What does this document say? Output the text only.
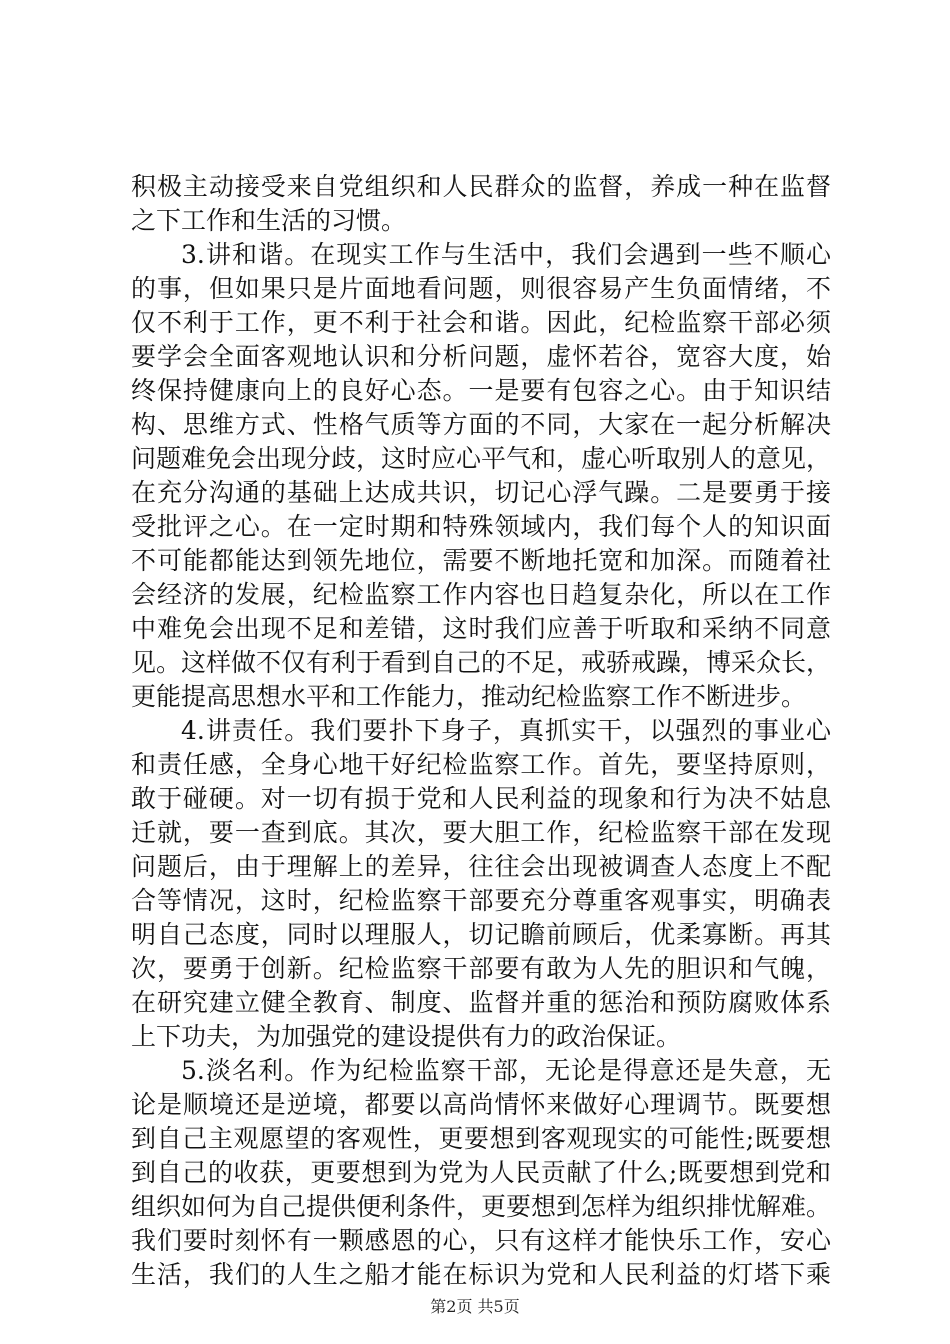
积极主动接受来自党组织和人民群众的监督，养成一种在监督
之下工作和生活的习惯。
3.讲和谐。在现实工作与生活中，我们会遇到一些不顺心
的事，但如果只是片面地看问题，则很容易产生负面情绪，不
仅不利于工作，更不利于社会和谐。因此，纪检监察干部必须
要学会全面客观地认识和分析问题，虚怀若谷，宽容大度，始
终保持健康向上的良好心态。一是要有包容之心。由于知识结
构、思维方式、性格气质等方面的不同，大家在一起分析解决
问题难免会出现分歧，这时应心平气和，虚心听取别人的意见，
在充分沟通的基础上达成共识，切记心浮气躁。二是要勇于接
受批评之心。在一定时期和特殊领域内，我们每个人的知识面
不可能都能达到领先地位，需要不断地托宽和加深。而随着社
会经济的发展，纪检监察工作内容也日趋复杂化，所以在工作
中难免会出现不足和差错，这时我们应善于听取和采纳不同意
见。这样做不仅有利于看到自己的不足，戒骄戒躁，博采众长，
更能提高思想水平和工作能力，推动纪检监察工作不断进步。
4.讲责任。我们要扑下身子，真抓实干，以强烈的事业心
和责任感，全身心地干好纪检监察工作。首先，要坚持原则，
敢于碰硬。对一切有损于党和人民利益的现象和行为决不姑息
迁就，要一查到底。其次，要大胆工作，纪检监察干部在发现
问题后，由于理解上的差异，往往会出现被调查人态度上不配
合等情况，这时，纪检监察干部要充分尊重客观事实，明确表
明自己态度，同时以理服人，切记瞻前顾后，优柔寡断。再其
次，要勇于创新。纪检监察干部要有敢为人先的胆识和气魄，
在研究建立健全教育、制度、监督并重的惩治和预防腐败体系
上下功夫，为加强党的建设提供有力的政治保证。
5.淡名利。作为纪检监察干部，无论是得意还是失意，无
论是顺境还是逆境，都要以高尚情怀来做好心理调节。既要想
到自己主观愿望的客观性，更要想到客观现实的可能性;既要想
到自己的收获，更要想到为党为人民贡献了什么;既要想到党和
组织如何为自己提供便利条件，更要想到怎样为组织排忧解难。
我们要时刻怀有一颗感恩的心，只有这样才能快乐工作，安心
生活，我们的人生之船才能在标识为党和人民利益的灯塔下乘
第2页 共5页
